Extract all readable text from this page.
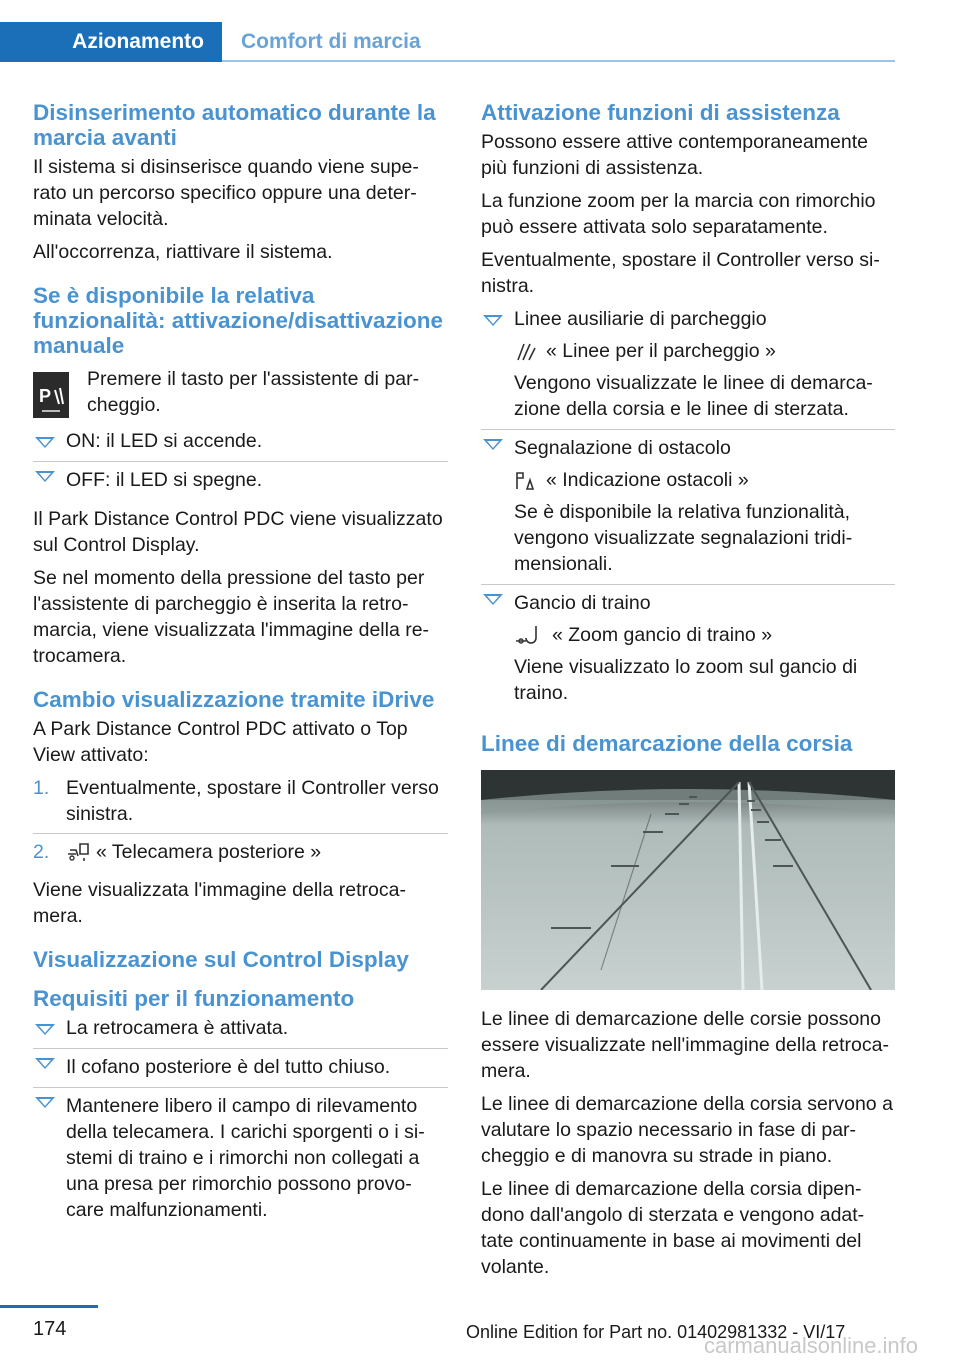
Azionamento	Comfort di marcia
Disinserimento automatico durante la marcia avanti

Il sistema si disinserisce quando viene supe-rato un percorso specifico oppure una deter-minata velocità.

All'occorrenza, riattivare il sistema.

Se è disponibile la relativa funzionalità: attivazione/disattivazione manuale
P

Premere il tasto per l'assistente di par-cheggio.

ON: il LED si accende.
OFF: il LED si spegne.

Il Park Distance Control PDC viene visualizzato sul Control Display.

Se nel momento della pressione del tasto per l'assistente di parcheggio è inserita la retro-marcia, viene visualizzata l'immagine della re-trocamera.

Cambio visualizzazione tramite iDrive

A Park Distance Control PDC attivato o Top View attivato:

1. Eventualmente, spostare il Controller verso sinistra.
2. « Telecamera posteriore »

Viene visualizzata l'immagine della retroca-mera.

Visualizzazione sul Control Display
Requisiti per il funzionamento
La retrocamera è attivata.
Il cofano posteriore è del tutto chiuso.
Mantenere libero il campo di rilevamento della telecamera. I carichi sporgenti o i si-stemi di traino e i rimorchi non collegati a una presa per rimorchio possono provo-care malfunzionamenti.
Attivazione funzioni di assistenza

Possono essere attive contemporaneamente più funzioni di assistenza.

La funzione zoom per la marcia con rimorchio può essere attivata solo separatamente.

Eventualmente, spostare il Controller verso si-nistra.

Linee ausiliarie di parcheggio
« Linee per il parcheggio »
Vengono visualizzate le linee di demarca-zione della corsia e le linee di sterzata.
Segnalazione di ostacolo
« Indicazione ostacoli »
Se è disponibile la relativa funzionalità, vengono visualizzate segnalazioni tridi-mensionali.
Gancio di traino
« Zoom gancio di traino »
Viene visualizzato lo zoom sul gancio di traino.
Linee di demarcazione della corsia

Le linee di demarcazione delle corsie possono essere visualizzate nell'immagine della retroca-mera.

Le linee di demarcazione della corsia servono a valutare lo spazio necessario in fase di par-cheggio e di manovra su strade in piano.

Le linee di demarcazione della corsia dipen-dono dall'angolo di sterzata e vengono adat-tate continuamente in base ai movimenti del volante.

174	Online Edition for Part no. 01402981332 - VI/17
carmanualsonline.info
